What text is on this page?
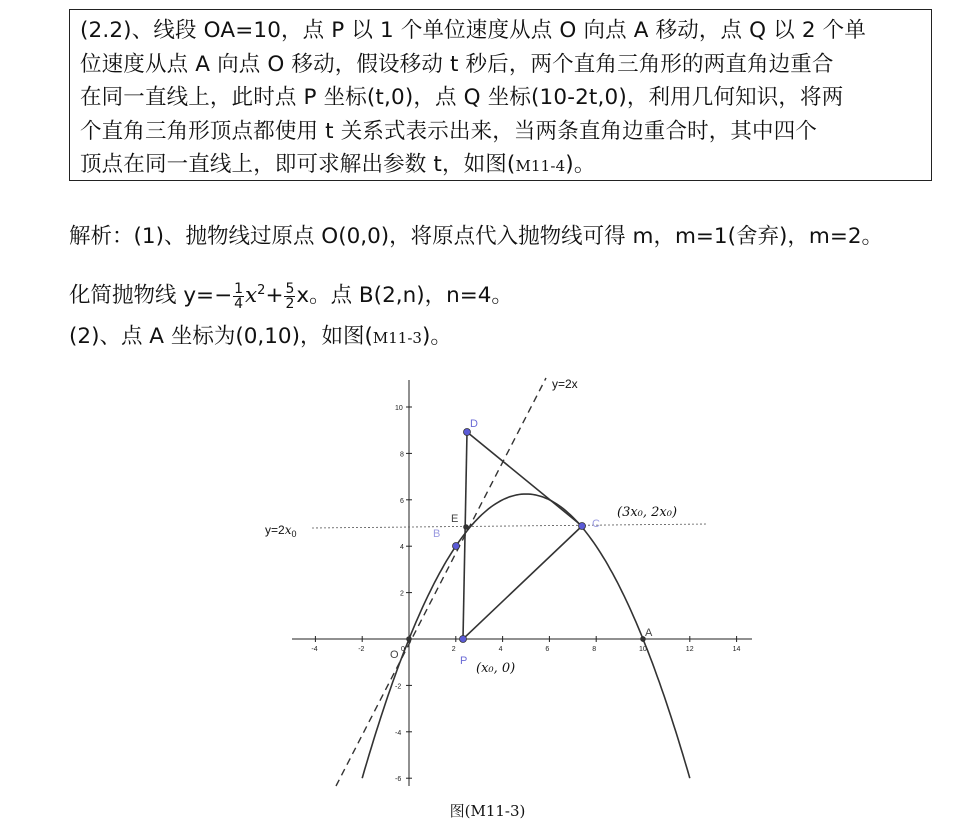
(2.2)、线段 OA=10，点 P 以 1 个单位速度从点 O 向点 A 移动，点 Q 以 2 个单

位速度从点 A 向点 O 移动，假设移动 t 秒后，两个直角三角形的两直角边重合

在同一直线上，此时点 P 坐标(t,0)，点 Q 坐标(10-2t,0)，利用几何知识，将两

个直角三角形顶点都使用 t 关系式表示出来，当两条直角边重合时，其中四个

顶点在同一直线上，即可求解出参数 t，如图(M11-4)。

解析：(1)、抛物线过原点 O(0,0)，将原点代入抛物线可得 m，m=1(舍弃)，m=2。

化简抛物线 $y=- \frac{1}{4} x^2+ \frac{5}{2}$ x。点 B(2,n)，n=4。

(2)、点 A 坐标为(0,10)，如图(M11-3)。

-4	-2	0	2	4	6	8	10	12	14
10
8
6
4
2
-2
-4
-6
y=2x
$y=2x_0$
D
E
B
C
O	P
A
(3x₀, 2x₀)
(x₀, 0)
图(M11-3)
